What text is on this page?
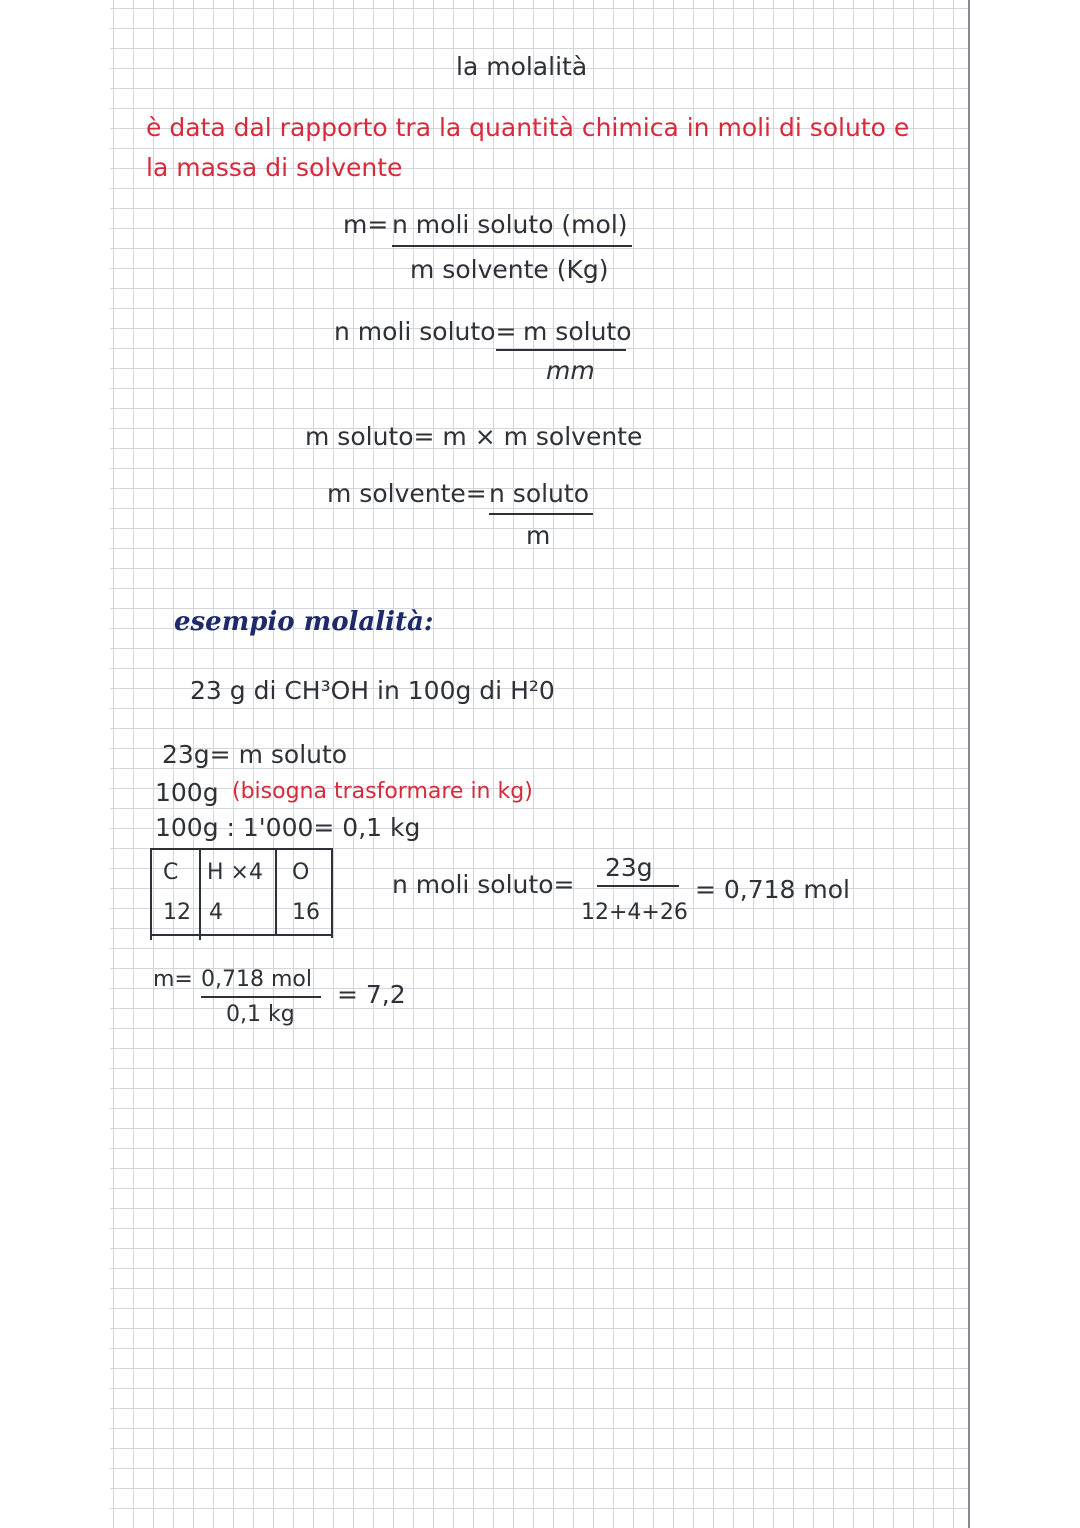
la molalità
è data dal rapporto tra la quantità chimica in moli di soluto e
la massa di solvente
m= n moli soluto (mol)
m solvente (Kg)
n moli soluto= m soluto
mm
m soluto= m × m solvente
m solvente= n soluto
m
esempio molalità:
23 g di CH³OH in 100g di H²0
23g= m soluto
100g (bisogna trasformare in kg)
100g : 1'000= 0,1 kg
C H ×4 O
12 4	16
n moli soluto=
23g
12+4+26
= 0,718 mol
m= 0,718 mol
0,1 kg
= 7,2
